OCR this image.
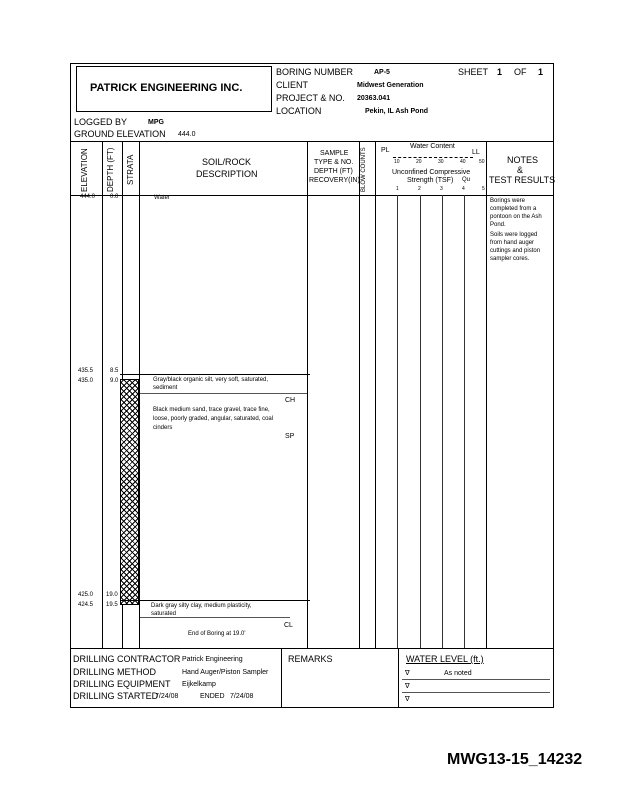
PATRICK ENGINEERING INC.
BORING NUMBER	AP-5	SHEET 1 OF 1
CLIENT	Midwest Generation
PROJECT & NO. 20363.041
LOCATION	Pekin, IL Ash Pond
LOGGED BY	MPG
GROUND ELEVATION 444.0
ELEVATION DEPTH (FT) STRATA	SOIL/ROCK
DESCRIPTION
SAMPLE
TYPE & NO.
DEPTH (FT)
RECOVERY(IN) BLOW COUNTS PL
Water Content
LL
10	20	30	40	50
Unconfined Compressive
Strength (TSF) Qu
1	2	3	4	5
NOTES
&
TEST RESULTS
444.0 0.0	Water
435.5	8.5
435.0	9.0	Gray/black organic silt, very soft, saturated,
sediment
CH
Black medium sand, trace gravel, trace fine,
loose, poorly graded, angular, saturated, coal
cinders
SP
425.0 19.0
424.5 19.5	Dark gray silty clay, medium plasticity,
saturated
CL
End of Boring at 19.0'
Borings were
completed from a
pontoon on the Ash
Pond.
Soils were logged
from hand auger
cuttings and piston
sampler cores.
DRILLING CONTRACTOR Patrick Engineering
DRILLING METHOD	Hand Auger/Piston Sampler
DRILLING EQUIPMENT Eijkelkamp
DRILLING STARTED
7/24/08	ENDED 7/24/08
REMARKS	WATER LEVEL (ft.)
∇	As noted
∇
∇
MWG13-15_14232
